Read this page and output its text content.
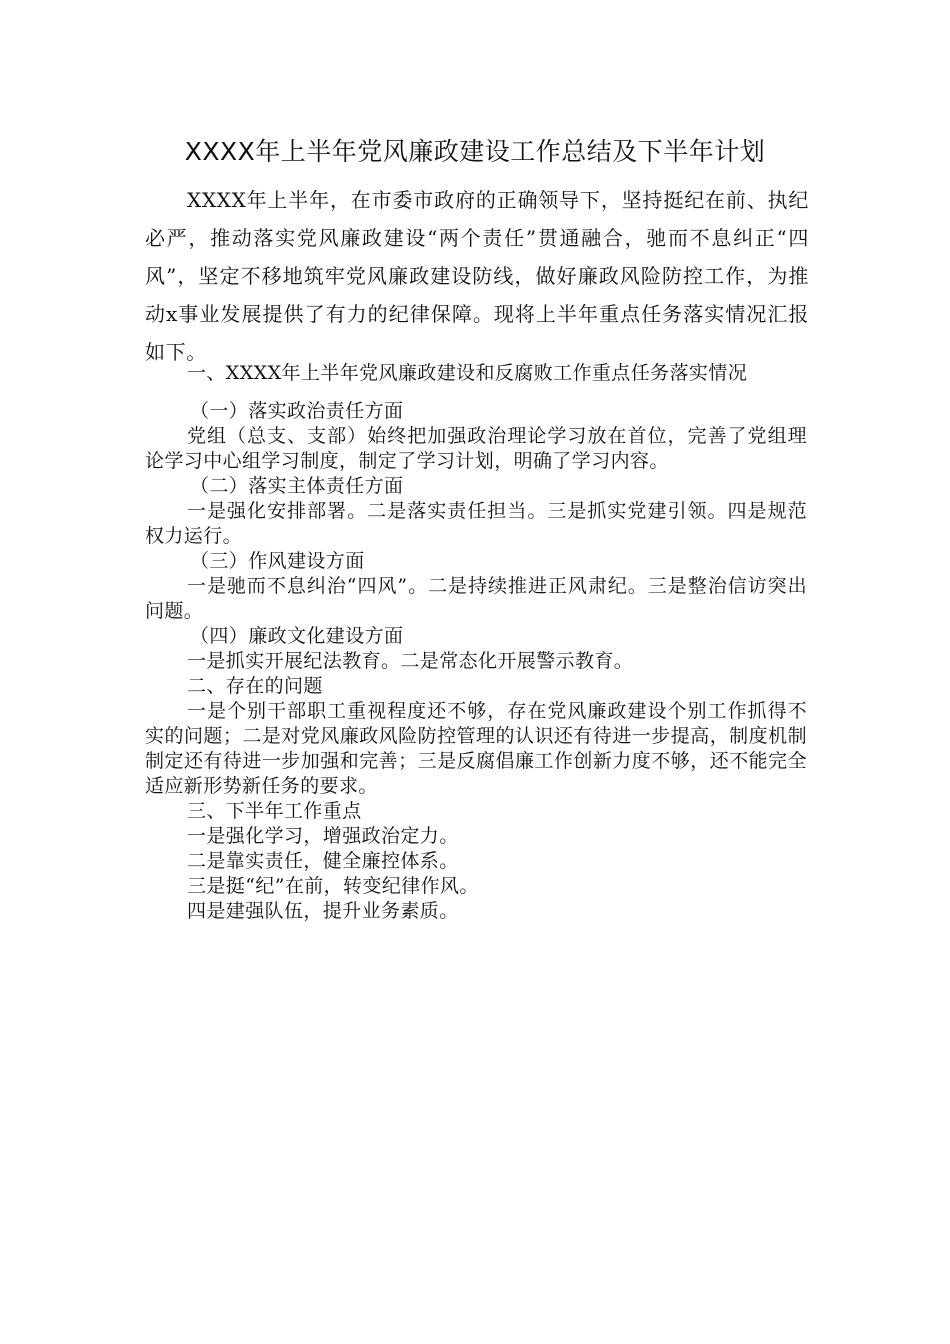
XXXX年上半年党风廉政建设工作总结及下半年计划

XXXX年上半年，在市委市政府的正确领导下，坚持挺纪在前、执纪必严，推动落实党风廉政建设“两个责任”贯通融合，驰而不息纠正“四风”，坚定不移地筑牢党风廉政建设防线，做好廉政风险防控工作，为推动x事业发展提供了有力的纪律保障。现将上半年重点任务落实情况汇报如下。

一、XXXX年上半年党风廉政建设和反腐败工作重点任务落实情况

（一）落实政治责任方面

党组（总支、支部）始终把加强政治理论学习放在首位，完善了党组理论学习中心组学习制度，制定了学习计划，明确了学习内容。

（二）落实主体责任方面

一是强化安排部署。二是落实责任担当。三是抓实党建引领。四是规范权力运行。

（三）作风建设方面

一是驰而不息纠治“四风”。二是持续推进正风肃纪。三是整治信访突出问题。

（四）廉政文化建设方面

一是抓实开展纪法教育。二是常态化开展警示教育。

二、存在的问题

一是个别干部职工重视程度还不够，存在党风廉政建设个别工作抓得不实的问题；二是对党风廉政风险防控管理的认识还有待进一步提高，制度机制制定还有待进一步加强和完善；三是反腐倡廉工作创新力度不够，还不能完全适应新形势新任务的要求。

三、下半年工作重点

一是强化学习，增强政治定力。

二是靠实责任，健全廉控体系。

三是挺“纪”在前，转变纪律作风。

四是建强队伍，提升业务素质。
